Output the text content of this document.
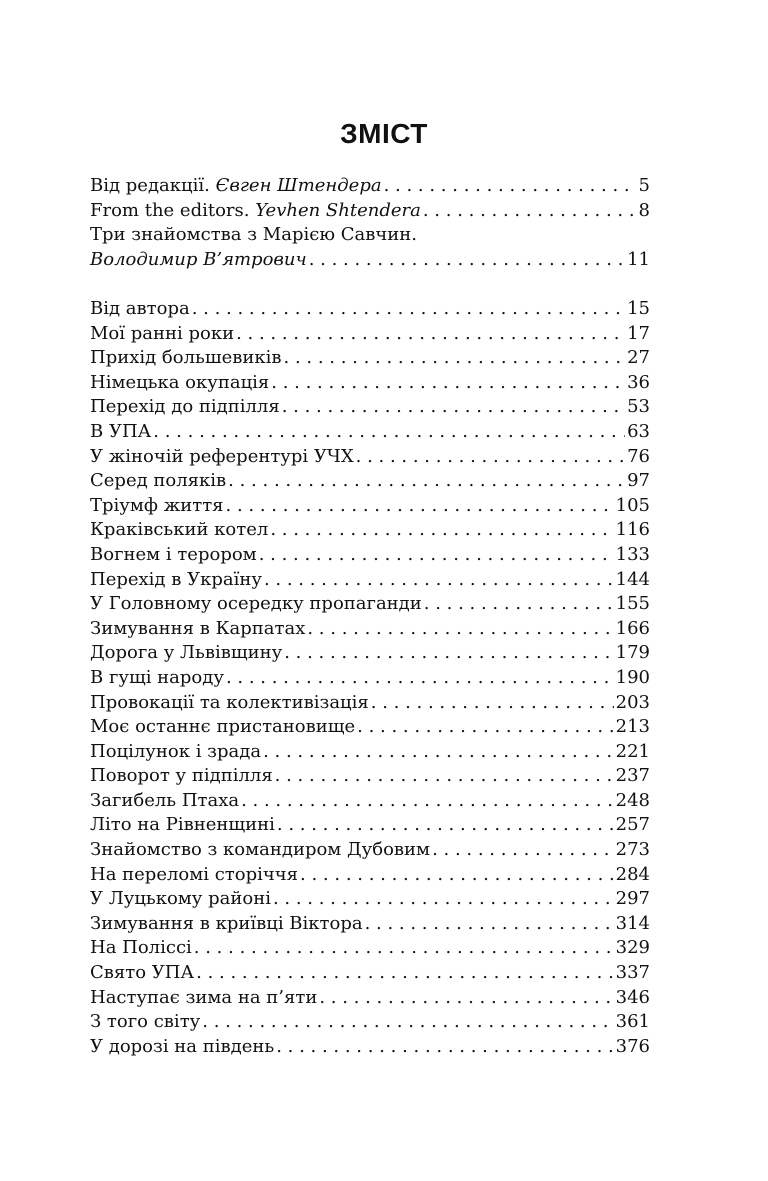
ЗМІСТ
Від редакції. Євген Штендера . . .	5
From the editors. Yevhen Shtendera . . .	8
Три знайомства з Марією Савчин.
Володимир В’ятрович . . .	11
Від автора . . .	15
Мої ранні роки . . .	17
Прихід большевиків . . .	27
Німецька окупація . . .	36
Перехід до підпілля . . .	53
В УПА . . .	63
У жіночій референтурі УЧХ . . .	76
Серед поляків . . .	97
Тріумф життя . . .	105
Краківський котел . . .	116
Вогнем і терором . . .	133
Перехід в Україну . . .	144
У Головному осередку пропаганди . . .	155
Зимування в Карпатах . . .	166
Дорога у Львівщину . . .	179
В гущі народу . . .	190
Провокації та колективізація . . .	203
Моє останнє пристановище . . .	213
Поцілунок і зрада . . .	221
Поворот у підпілля . . .	237
Загибель Птаха . . .	248
Літо на Рівненщині . . .	257
Знайомство з командиром Дубовим . . .	273
На переломі сторіччя . . .	284
У Луцькому районі . . .	297
Зимування в криївці Віктора . . .	314
На Поліссі . . .	329
Свято УПА . . .	337
Наступає зима на п’яти . . .	346
З того світу . . .	361
У дорозі на південь . . .	376
